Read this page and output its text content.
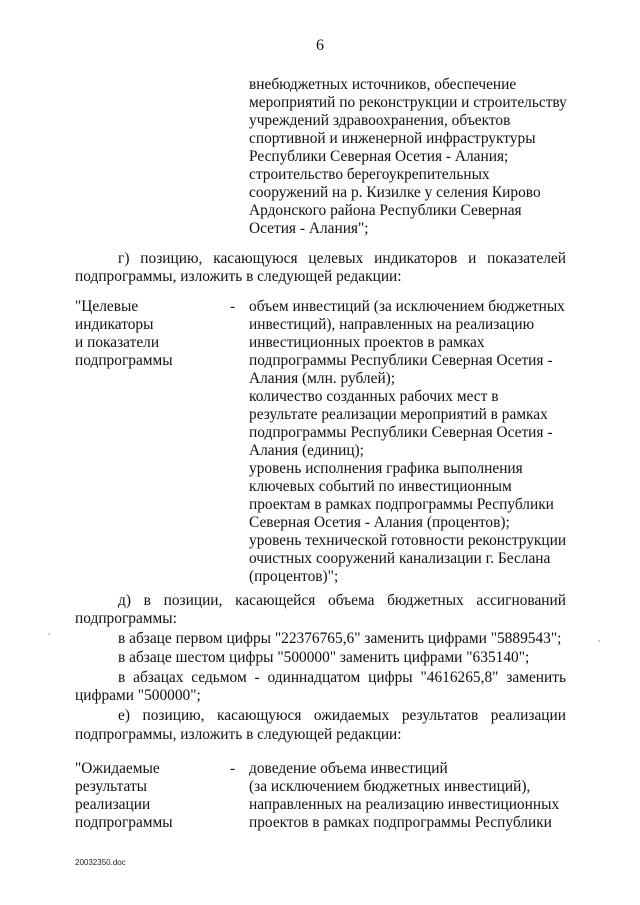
6
внебюджетных источников, обеспечение
мероприятий по реконструкции и строительству
учреждений здравоохранения, объектов
спортивной и инженерной инфраструктуры
Республики Северная Осетия - Алания;
строительство берегоукрепительных
сооружений на р. Кизилке у селения Кирово
Ардонского района Республики Северная
Осетия - Алания";
г) позицию, касающуюся целевых индикаторов и показателей
подпрограммы, изложить в следующей редакции:
"Целевые
индикаторы
и показатели
подпрограммы
- объем инвестиций (за исключением бюджетных
инвестиций), направленных на реализацию
инвестиционных проектов в рамках
подпрограммы Республики Северная Осетия -
Алания (млн. рублей);
количество созданных рабочих мест в
результате реализации мероприятий в рамках
подпрограммы Республики Северная Осетия -
Алания (единиц);
уровень исполнения графика выполнения
ключевых событий по инвестиционным
проектам в рамках подпрограммы Республики
Северная Осетия - Алания (процентов);
уровень технической готовности реконструкции
очистных сооружений канализации г. Беслана
(процентов)";
д) в позиции, касающейся объема бюджетных ассигнований
подпрограммы:
в абзаце первом цифры "22376765,6" заменить цифрами "5889543";
в абзаце шестом цифры "500000" заменить цифрами "635140";
в абзацах седьмом - одиннадцатом цифры "4616265,8" заменить
цифрами "500000";
е) позицию, касающуюся ожидаемых результатов реализации
подпрограммы, изложить в следующей редакции:
"Ожидаемые
результаты
реализации
подпрограммы
- доведение объема инвестиций
(за исключением бюджетных инвестиций),
направленных на реализацию инвестиционных
проектов в рамках подпрограммы Республики
20032350.doc
